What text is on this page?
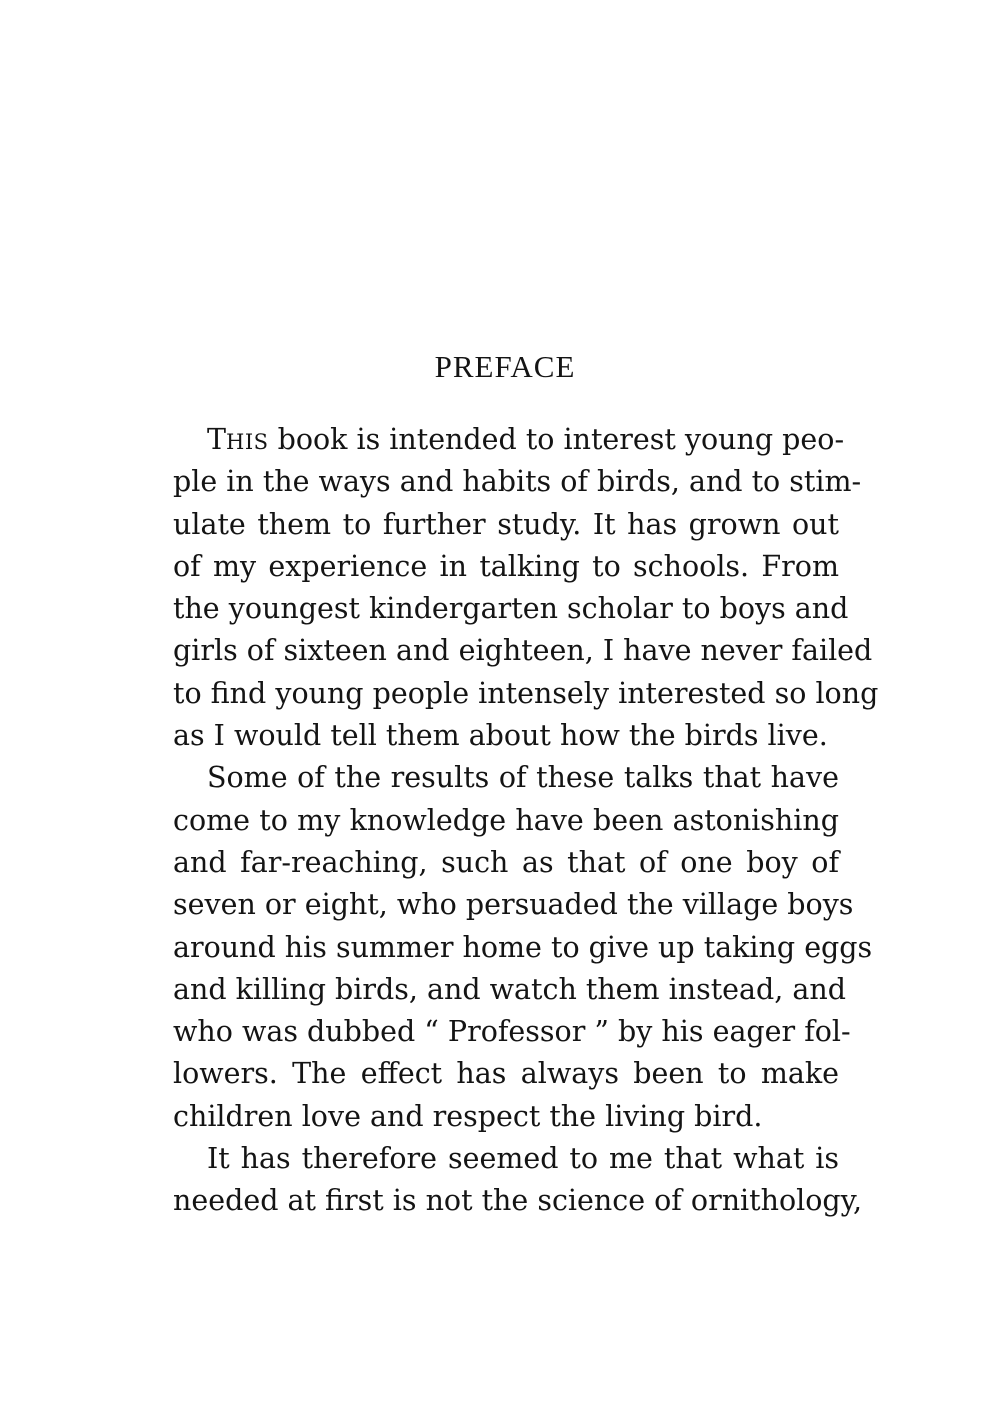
PREFACE
THIS book is intended to interest young peo-
ple in the ways and habits of birds, and to stim-
ulate them to further study. It has grown out
of my experience in talking to schools. From
the youngest kindergarten scholar to boys and
girls of sixteen and eighteen, I have never failed
to find young people intensely interested so long
as I would tell them about how the birds live.
Some of the results of these talks that have
come to my knowledge have been astonishing
and far-reaching, such as that of one boy of
seven or eight, who persuaded the village boys
around his summer home to give up taking eggs
and killing birds, and watch them instead, and
who was dubbed “ Professor ” by his eager fol-
lowers. The effect has always been to make
children love and respect the living bird.
It has therefore seemed to me that what is
needed at first is not the science of ornithology,
